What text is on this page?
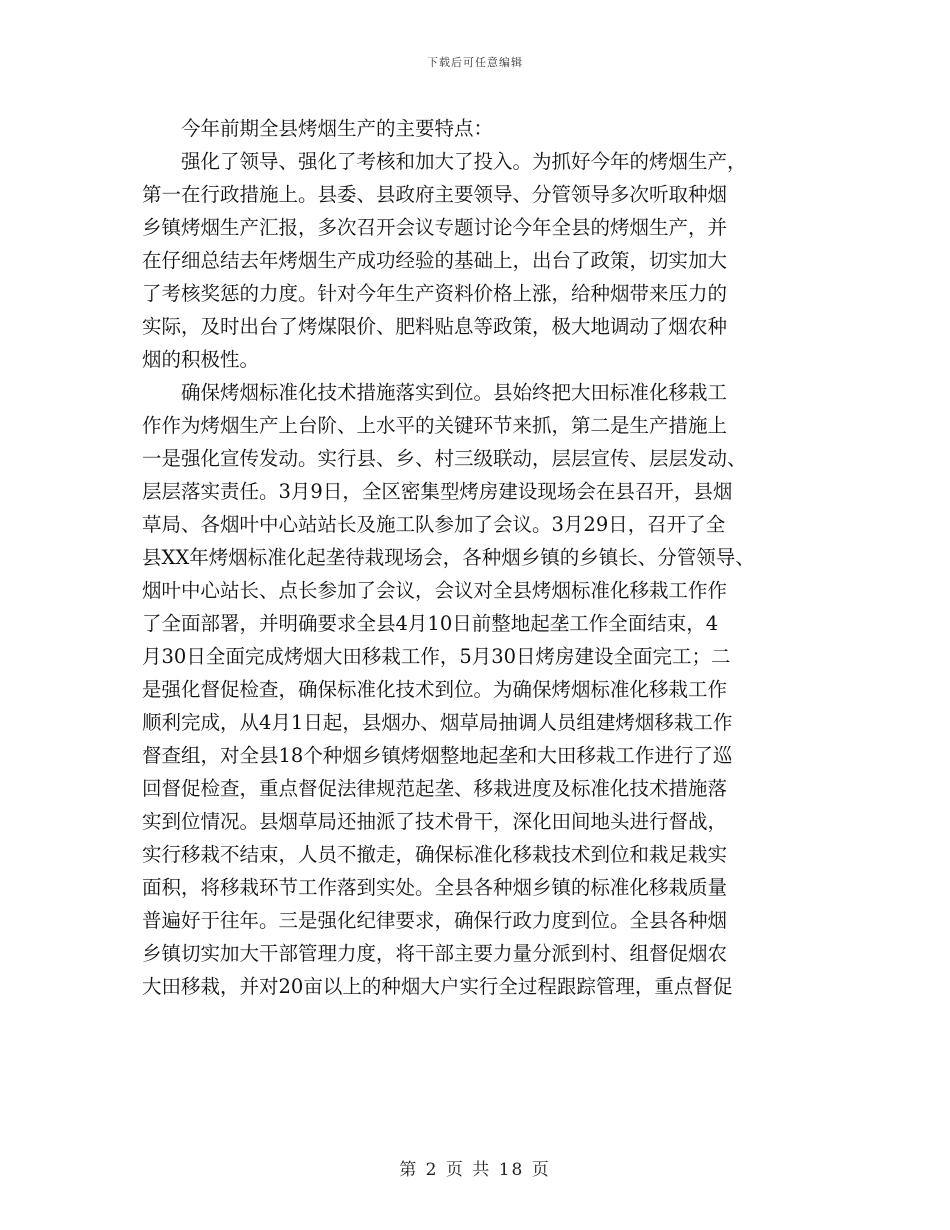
下载后可任意编辑
　　今年前期全县烤烟生产的主要特点：
　　强化了领导、强化了考核和加大了投入。为抓好今年的烤烟生产，
第一在行政措施上。县委、县政府主要领导、分管领导多次听取种烟
乡镇烤烟生产汇报，多次召开会议专题讨论今年全县的烤烟生产，并
在仔细总结去年烤烟生产成功经验的基础上，出台了政策，切实加大
了考核奖惩的力度。针对今年生产资料价格上涨，给种烟带来压力的
实际，及时出台了烤煤限价、肥料贴息等政策，极大地调动了烟农种
烟的积极性。
　　确保烤烟标准化技术措施落实到位。县始终把大田标准化移栽工
作作为烤烟生产上台阶、上水平的关键环节来抓，第二是生产措施上
一是强化宣传发动。实行县、乡、村三级联动，层层宣传、层层发动、
层层落实责任。3月9日，全区密集型烤房建设现场会在县召开，县烟
草局、各烟叶中心站站长及施工队参加了会议。3月29日，召开了全
县XX年烤烟标准化起垄待栽现场会，各种烟乡镇的乡镇长、分管领导、
烟叶中心站长、点长参加了会议，会议对全县烤烟标准化移栽工作作
了全面部署，并明确要求全县4月10日前整地起垄工作全面结束，4
月30日全面完成烤烟大田移栽工作，5月30日烤房建设全面完工；二
是强化督促检查，确保标准化技术到位。为确保烤烟标准化移栽工作
顺利完成，从4月1日起，县烟办、烟草局抽调人员组建烤烟移栽工作
督查组，对全县18个种烟乡镇烤烟整地起垄和大田移栽工作进行了巡
回督促检查，重点督促法律规范起垄、移栽进度及标准化技术措施落
实到位情况。县烟草局还抽派了技术骨干，深化田间地头进行督战，
实行移栽不结束，人员不撤走，确保标准化移栽技术到位和栽足栽实
面积，将移栽环节工作落到实处。全县各种烟乡镇的标准化移栽质量
普遍好于往年。三是强化纪律要求，确保行政力度到位。全县各种烟
乡镇切实加大干部管理力度，将干部主要力量分派到村、组督促烟农
大田移栽，并对20亩以上的种烟大户实行全过程跟踪管理，重点督促
第 2 页 共 18 页
